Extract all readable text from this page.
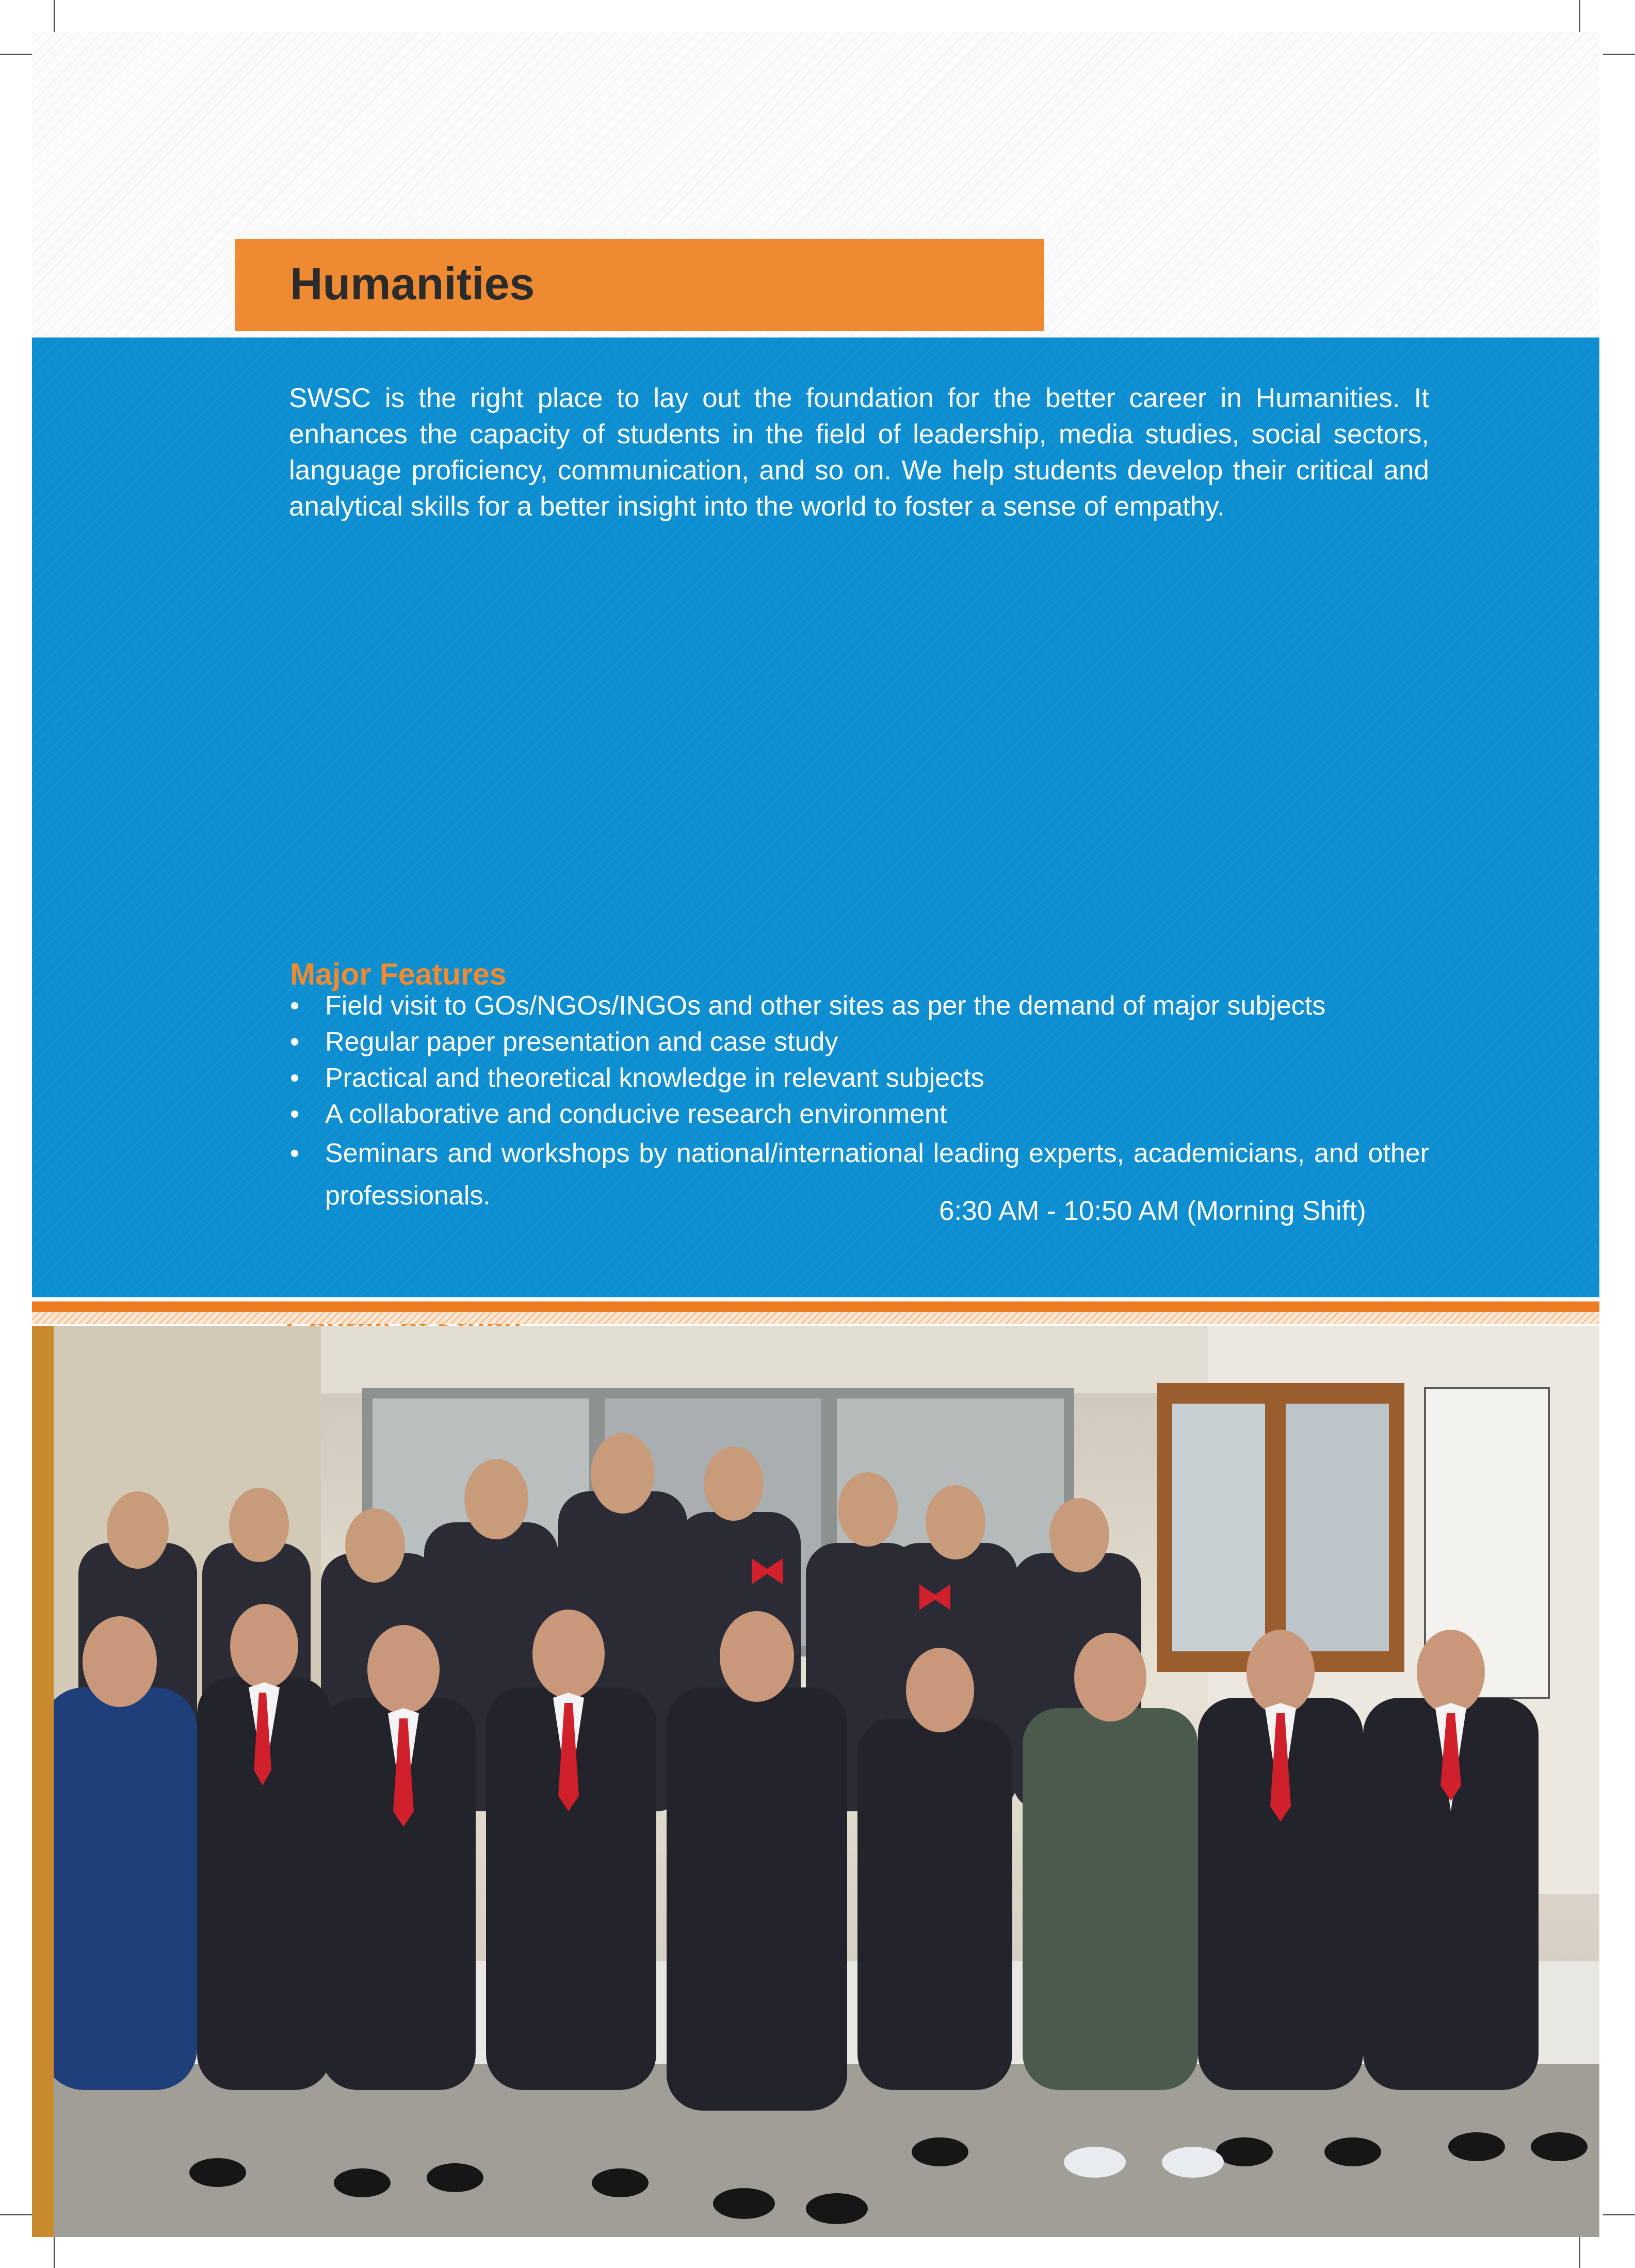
Humanities

SWSC is the right place to lay out the foundation for the better career in Humanities. It enhances the capacity of students in the field of leadership, media studies, social sectors, language proficiency, communication, and so on. We help students develop their critical and analytical skills for a better insight into the world to foster a sense of empathy.

Major Features
• Field visit to GOs/NGOs/INGOs and other sites as per the demand of major subjects
• Regular paper presentation and case study
• Practical and theoretical knowledge in relevant subjects
• A collaborative and conducive research environment
• Seminars and workshops by national/international leading experts, academicians, and other professionals.
•
•
•
•
•
•	6:30 AM - 10:50 AM (Morning Shift)
